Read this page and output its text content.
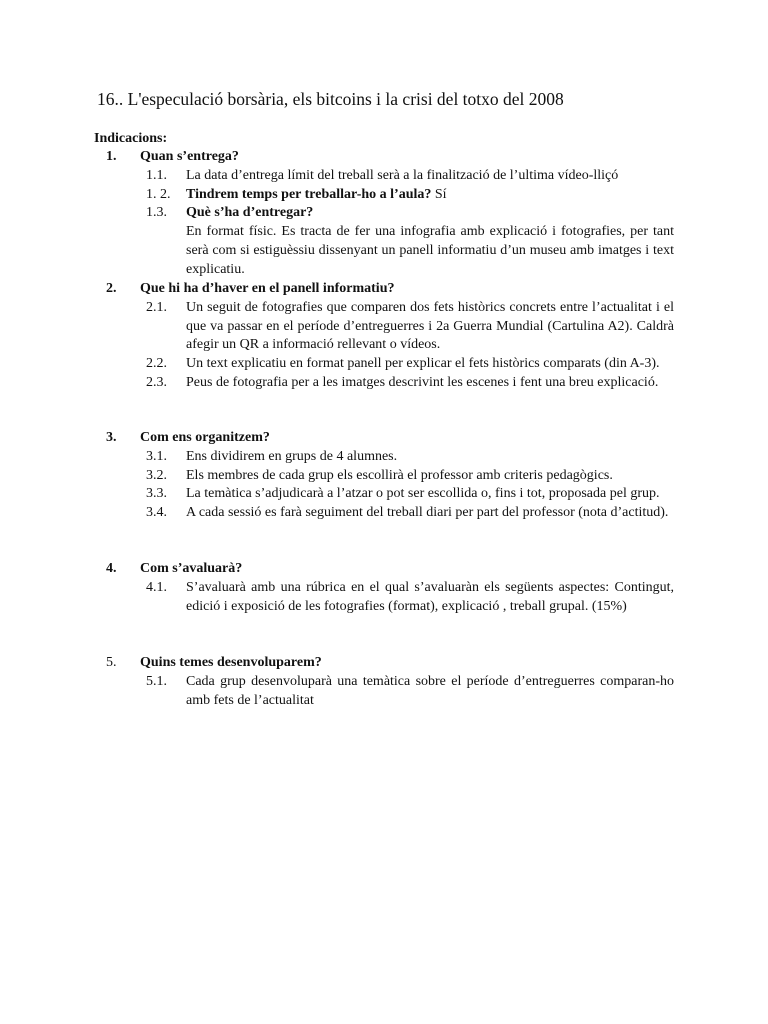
16.. L'especulació borsària, els bitcoins i la crisi del totxo del 2008
Indicacions:
1. Quan s’entrega?
1.1. La data d’entrega límit del treball serà a la finalització de l’ultima vídeo-lliçó
1. 2. Tindrem temps per treballar-ho a l’aula? Sí
1.3. Què s’ha d’entregar?
En format físic. Es tracta de fer una infografia amb explicació i fotografies, per tant serà com si estiguèssiu dissenyant un panell informatiu d’un museu amb imatges i text explicatiu.
2. Que hi ha d’haver en el panell informatiu?
2.1. Un seguit de fotografies que comparen dos fets històrics concrets entre l’actualitat i el que va passar en el període d’entreguerres i 2a Guerra Mundial (Cartulina A2). Caldrà afegir un QR a informació rellevant o vídeos.
2.2. Un text explicatiu en format panell per explicar el fets històrics comparats (din A-3).
2.3. Peus de fotografia per a les imatges descrivint les escenes i fent una breu explicació.
3. Com ens organitzem?
3.1. Ens dividirem en grups de 4 alumnes.
3.2. Els membres de cada grup els escollirà el professor amb criteris pedagògics.
3.3. La temàtica s’adjudicarà a l’atzar o pot ser escollida o, fins i tot, proposada pel grup.
3.4. A cada sessió es farà seguiment del treball diari per part del professor (nota d’actitud).
4. Com s’avaluarà?
4.1. S’avaluarà amb una rúbrica en el qual s’avaluaràn els següents aspectes: Contingut, edició i exposició de les fotografies (format), explicació , treball grupal. (15%)
5. Quins temes desenvoluparem?
5.1. Cada grup desenvoluparà una temàtica sobre el període d’entreguerres comparan-ho amb fets de l’actualitat
